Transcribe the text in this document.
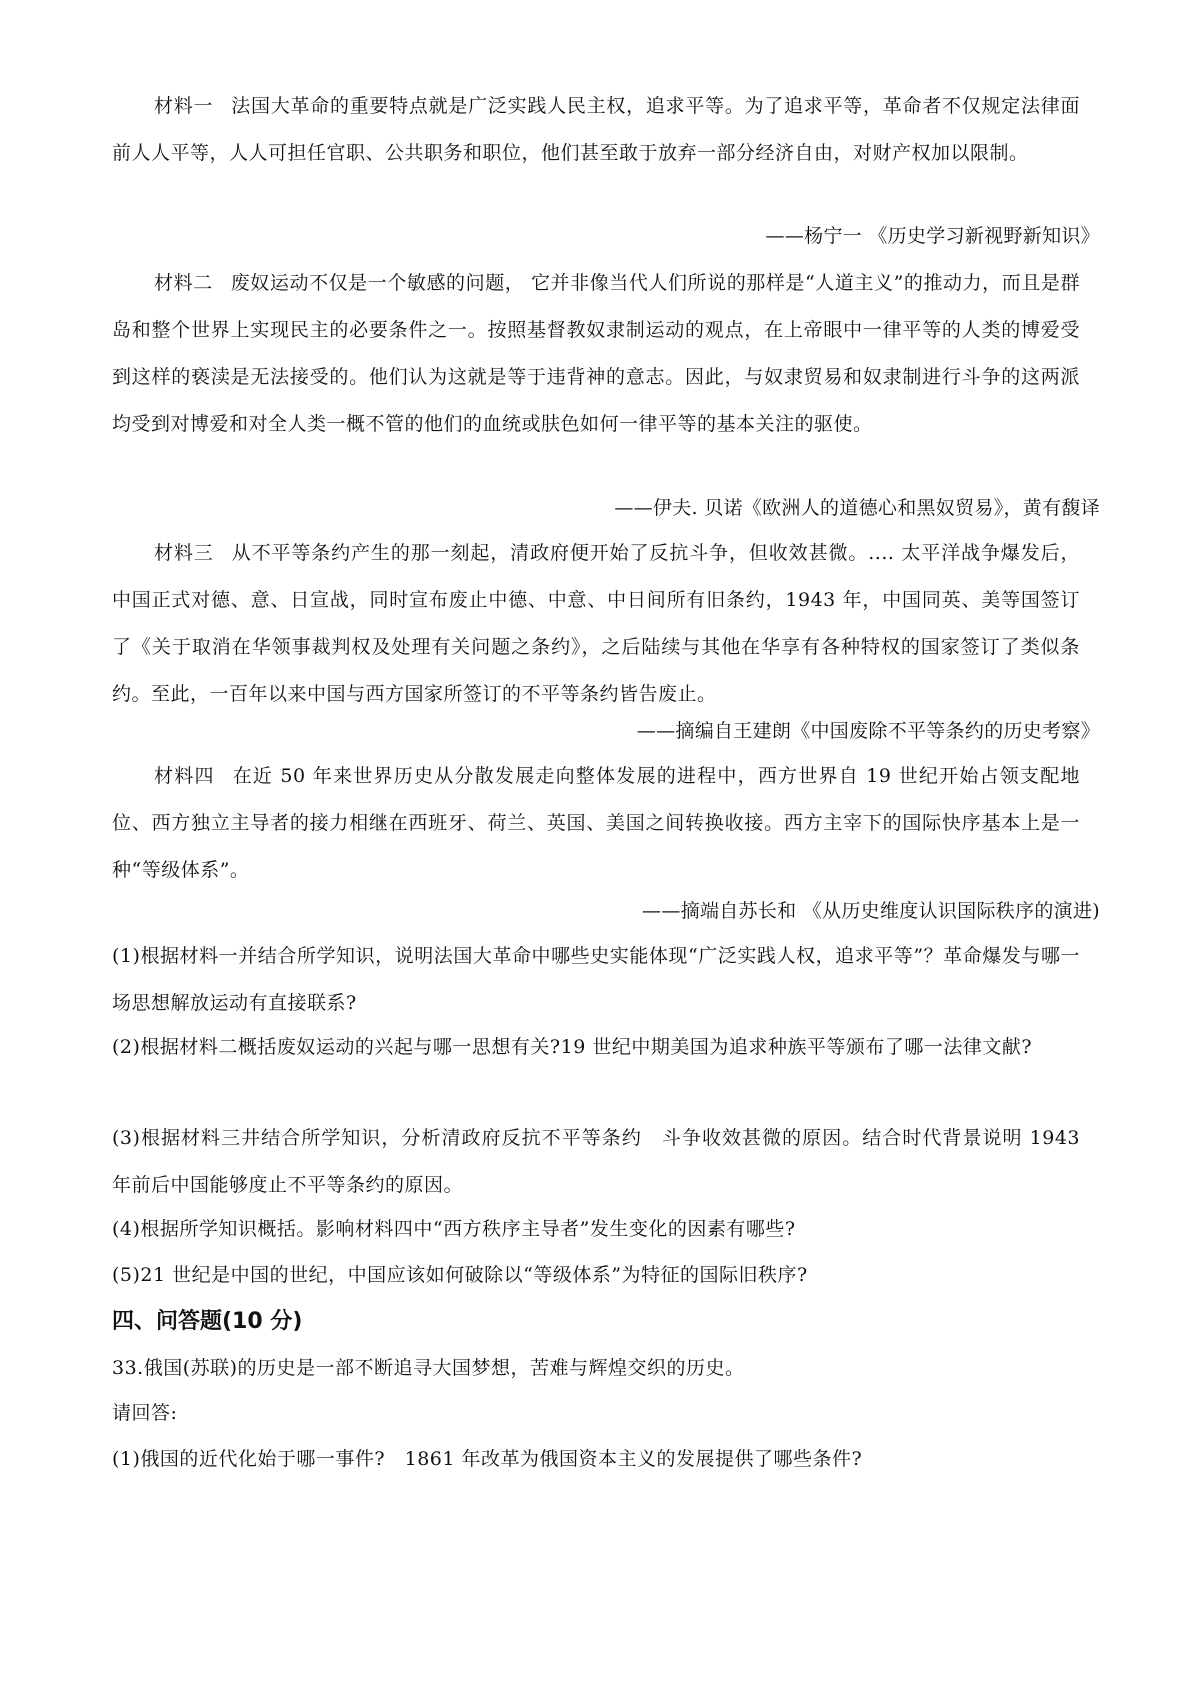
材料一 法国大革命的重要特点就是广泛实践人民主权，追求平等。为了追求平等，革命者不仅规定法律面前人人平等，人人可担任官职、公共职务和职位，他们甚至敢于放弃一部分经济自由，对财产权加以限制。
——杨宁一 《历史学习新视野新知识》
材料二 废奴运动不仅是一个敏感的问题， 它并非像当代人们所说的那样是“人道主义”的推动力，而且是群岛和整个世界上实现民主的必要条件之一。按照基督教奴隶制运动的观点，在上帝眼中一律平等的人类的博爱受到这样的亵渎是无法接受的。他们认为这就是等于违背神的意志。因此，与奴隶贸易和奴隶制进行斗争的这两派均受到对博爱和对全人类一概不管的他们的血统或肤色如何一律平等的基本关注的驱使。
——伊夫. 贝诺《欧洲人的道德心和黑奴贸易》，黄有馥译
材料三 从不平等条约产生的那一刻起，清政府便开始了反抗斗争，但收效甚微。.... 太平洋战争爆发后，中国正式对德、意、日宣战，同时宣布废止中德、中意、中日间所有旧条约，1943 年，中国同英、美等国签订了《关于取消在华领事裁判权及处理有关问题之条约》，之后陆续与其他在华享有各种特权的国家签订了类似条约。至此，一百年以来中国与西方国家所签订的不平等条约皆告废止。
——摘编自王建朗《中国废除不平等条约的历史考察》
材料四 在近 50 年来世界历史从分散发展走向整体发展的进程中，西方世界自 19 世纪开始占领支配地位、西方独立主导者的接力相继在西班牙、荷兰、英国、美国之间转换收接。西方主宰下的国际快序基本上是一种“等级体系”。
——摘端自苏长和 《从历史维度认识国际秩序的演进)
(1)根据材料一并结合所学知识，说明法国大革命中哪些史实能体现“广泛实践人权，追求平等”？革命爆发与哪一场思想解放运动有直接联系?
(2)根据材料二概括废奴运动的兴起与哪一思想有关?19 世纪中期美国为追求种族平等颁布了哪一法律文献?
(3)根据材料三井结合所学知识，分析清政府反抗不平等条约　斗争收效甚微的原因。结合时代背景说明 1943 年前后中国能够度止不平等条约的原因。
(4)根据所学知识概括。影响材料四中“西方秩序主导者”发生变化的因素有哪些?
(5)21 世纪是中国的世纪，中国应该如何破除以“等级体系”为特征的国际旧秩序?
四、问答题(10 分)
33.俄国(苏联)的历史是一部不断追寻大国梦想，苦难与辉煌交织的历史。
请回答:
(1)俄国的近代化始于哪一事件?　1861 年改革为俄国资本主义的发展提供了哪些条件?
